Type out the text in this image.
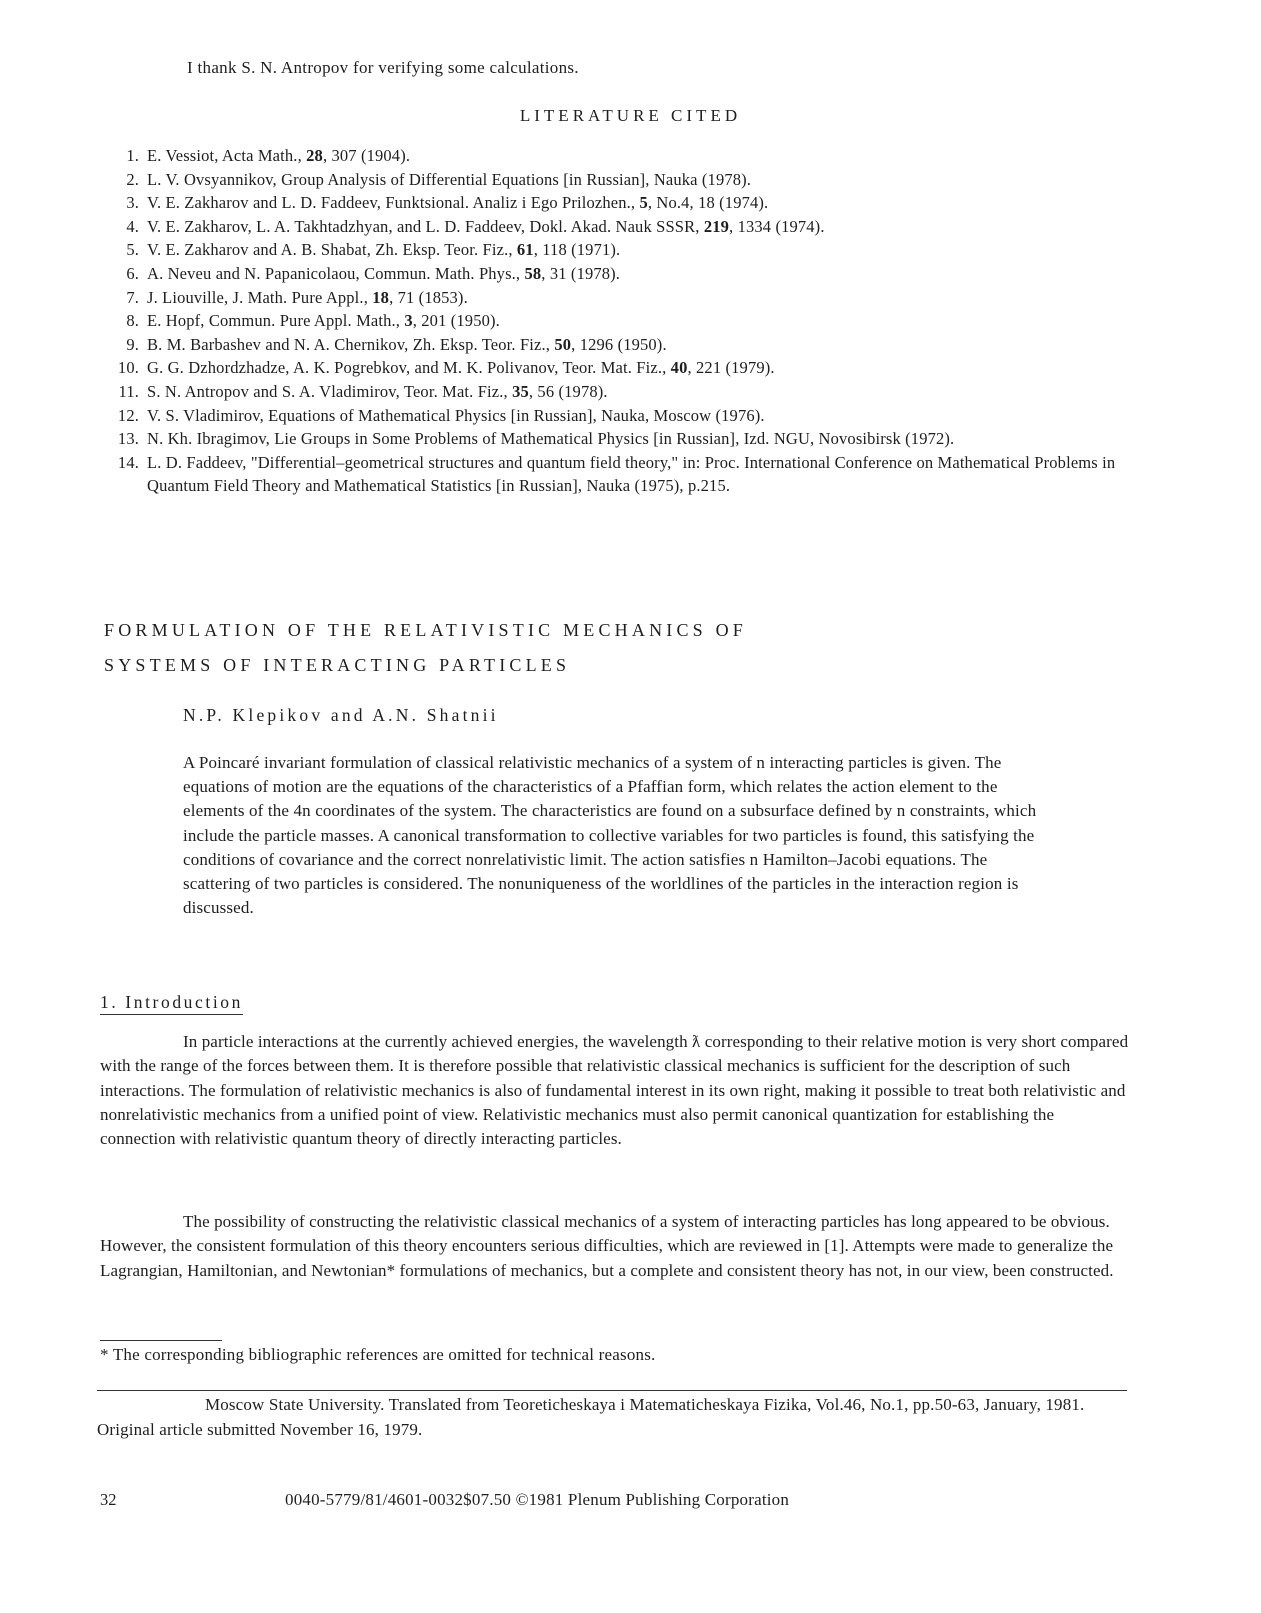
I thank S. N. Antropov for verifying some calculations.
LITERATURE CITED
1. E. Vessiot, Acta Math., 28, 307 (1904).
2. L. V. Ovsyannikov, Group Analysis of Differential Equations [in Russian], Nauka (1978).
3. V. E. Zakharov and L. D. Faddeev, Funktsional. Analiz i Ego Prilozhen., 5, No.4, 18 (1974).
4. V. E. Zakharov, L. A. Takhtadzhyan, and L. D. Faddeev, Dokl. Akad. Nauk SSSR, 219, 1334 (1974).
5. V. E. Zakharov and A. B. Shabat, Zh. Eksp. Teor. Fiz., 61, 118 (1971).
6. A. Neveu and N. Papanicolaou, Commun. Math. Phys., 58, 31 (1978).
7. J. Liouville, J. Math. Pure Appl., 18, 71 (1853).
8. E. Hopf, Commun. Pure Appl. Math., 3, 201 (1950).
9. B. M. Barbashev and N. A. Chernikov, Zh. Eksp. Teor. Fiz., 50, 1296 (1950).
10. G. G. Dzhordzhadze, A. K. Pogrebkov, and M. K. Polivanov, Teor. Mat. Fiz., 40, 221 (1979).
11. S. N. Antropov and S. A. Vladimirov, Teor. Mat. Fiz., 35, 56 (1978).
12. V. S. Vladimirov, Equations of Mathematical Physics [in Russian], Nauka, Moscow (1976).
13. N. Kh. Ibragimov, Lie Groups in Some Problems of Mathematical Physics [in Russian], Izd. NGU, Novosibirsk (1972).
14. L. D. Faddeev, "Differential–geometrical structures and quantum field theory," in: Proc. International Conference on Mathematical Problems in Quantum Field Theory and Mathematical Statistics [in Russian], Nauka (1975), p.215.
FORMULATION OF THE RELATIVISTIC MECHANICS OF
SYSTEMS OF INTERACTING PARTICLES
N.P. Klepikov and A.N. Shatnii
A Poincaré invariant formulation of classical relativistic mechanics of a system of n interacting particles is given. The equations of motion are the equations of the characteristics of a Pfaffian form, which relates the action element to the elements of the 4n coordinates of the system. The characteristics are found on a subsurface defined by n constraints, which include the particle masses. A canonical transformation to collective variables for two particles is found, this satisfying the conditions of covariance and the correct nonrelativistic limit. The action satisfies n Hamilton–Jacobi equations. The scattering of two particles is considered. The nonuniqueness of the worldlines of the particles in the interaction region is discussed.
1. Introduction

In particle interactions at the currently achieved energies, the wavelength ƛ corresponding to their relative motion is very short compared with the range of the forces between them. It is therefore possible that relativistic classical mechanics is sufficient for the description of such interactions. The formulation of relativistic mechanics is also of fundamental interest in its own right, making it possible to treat both relativistic and nonrelativistic mechanics from a unified point of view. Relativistic mechanics must also permit canonical quantization for establishing the connection with relativistic quantum theory of directly interacting particles.

The possibility of constructing the relativistic classical mechanics of a system of interacting particles has long appeared to be obvious. However, the consistent formulation of this theory encounters serious difficulties, which are reviewed in [1]. Attempts were made to generalize the Lagrangian, Hamiltonian, and Newtonian* formulations of mechanics, but a complete and consistent theory has not, in our view, been constructed.

* The corresponding bibliographic references are omitted for technical reasons.

Moscow State University. Translated from Teoreticheskaya i Matematicheskaya Fizika, Vol.46, No.1, pp.50-63, January, 1981. Original article submitted November 16, 1979.

32	0040-5779/81/4601-0032$07.50 ©1981 Plenum Publishing Corporation
